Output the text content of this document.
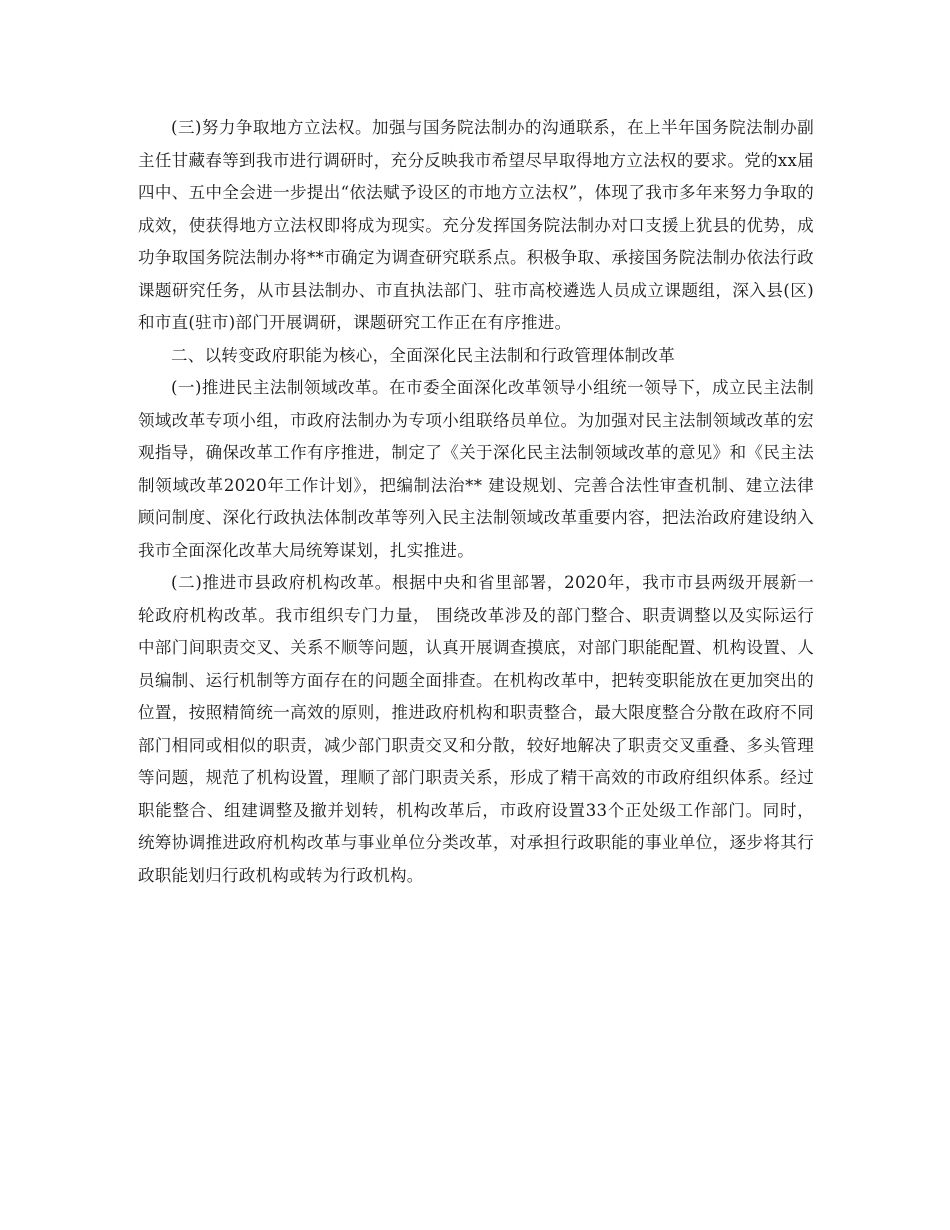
(三)努力争取地方立法权。加强与国务院法制办的沟通联系，在上半年国务院法制办副主任甘藏春等到我市进行调研时，充分反映我市希望尽早取得地方立法权的要求。党的xx届四中、五中全会进一步提出“依法赋予设区的市地方立法权”，体现了我市多年来努力争取的成效，使获得地方立法权即将成为现实。充分发挥国务院法制办对口支援上犹县的优势，成功争取国务院法制办将**市确定为调查研究联系点。积极争取、承接国务院法制办依法行政课题研究任务，从市县法制办、市直执法部门、驻市高校遴选人员成立课题组，深入县(区)和市直(驻市)部门开展调研，课题研究工作正在有序推进。

二、以转变政府职能为核心，全面深化民主法制和行政管理体制改革

(一)推进民主法制领域改革。在市委全面深化改革领导小组统一领导下，成立民主法制领域改革专项小组，市政府法制办为专项小组联络员单位。为加强对民主法制领域改革的宏观指导，确保改革工作有序推进，制定了《关于深化民主法制领域改革的意见》和《民主法制领域改革2020年工作计划》，把编制法治** 建设规划、完善合法性审查机制、建立法律顾问制度、深化行政执法体制改革等列入民主法制领域改革重要内容，把法治政府建设纳入我市全面深化改革大局统筹谋划，扎实推进。

(二)推进市县政府机构改革。根据中央和省里部署，2020年，我市市县两级开展新一轮政府机构改革。我市组织专门力量， 围绕改革涉及的部门整合、职责调整以及实际运行中部门间职责交叉、关系不顺等问题，认真开展调查摸底，对部门职能配置、机构设置、人员编制、运行机制等方面存在的问题全面排查。在机构改革中，把转变职能放在更加突出的位置，按照精简统一高效的原则，推进政府机构和职责整合，最大限度整合分散在政府不同部门相同或相似的职责，减少部门职责交叉和分散，较好地解决了职责交叉重叠、多头管理等问题，规范了机构设置，理顺了部门职责关系，形成了精干高效的市政府组织体系。经过职能整合、组建调整及撤并划转，机构改革后，市政府设置33个正处级工作部门。同时，统筹协调推进政府机构改革与事业单位分类改革，对承担行政职能的事业单位，逐步将其行政职能划归行政机构或转为行政机构。
